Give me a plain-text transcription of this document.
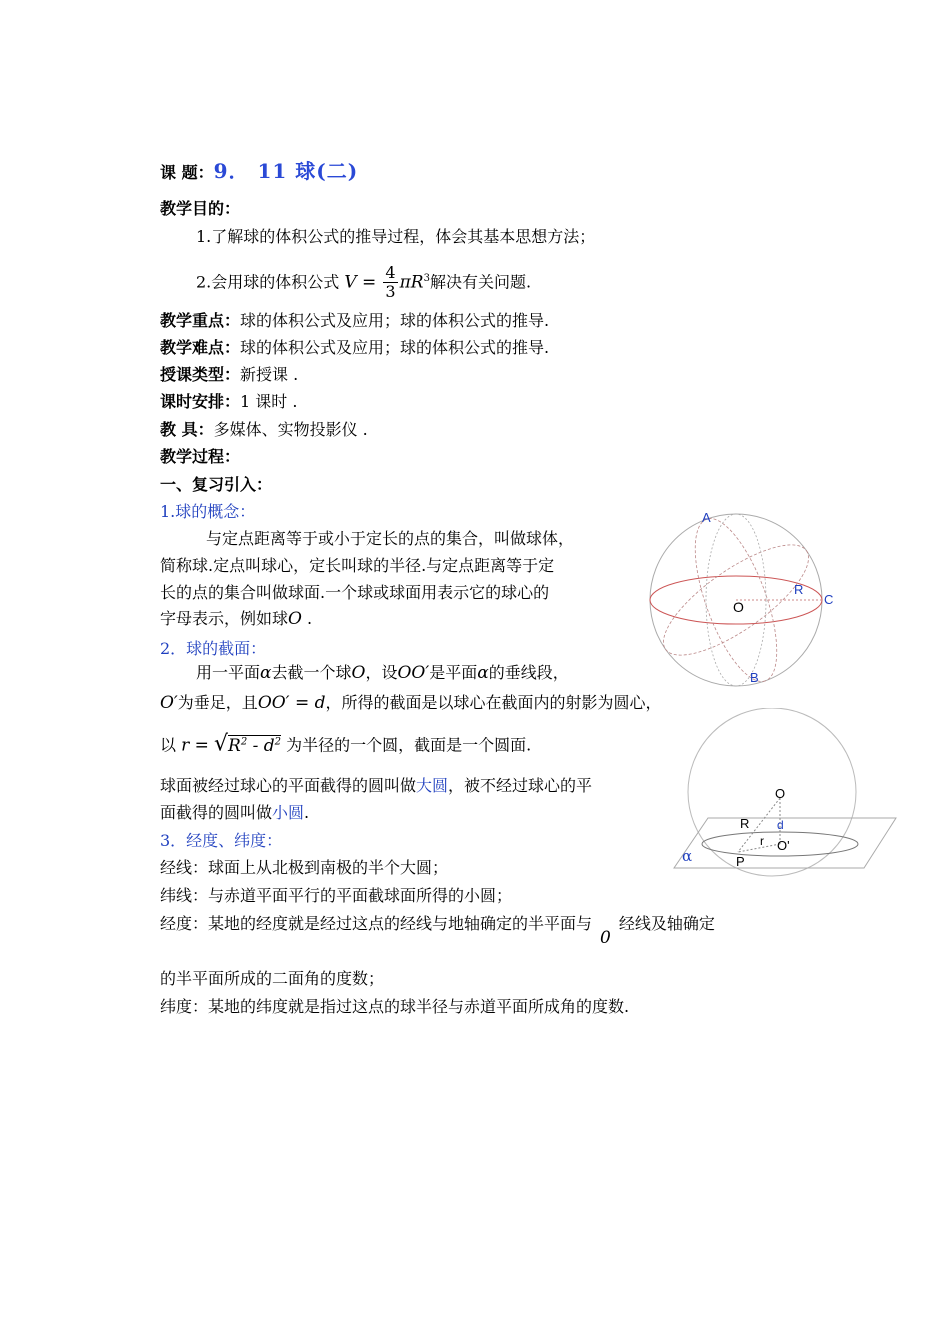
课 题：9． 11 球(二)
教学目的：
1.了解球的体积公式的推导过程，体会其基本思想方法；
2.会用球的体积公式 $V = \frac{4}{3} \pi R^3$解决有关问题.
教学重点：球的体积公式及应用；球的体积公式的推导.
教学难点：球的体积公式及应用；球的体积公式的推导.
授课类型：新授课 .
课时安排：1 课时 .
教 具：多媒体、实物投影仪 .
教学过程：
一、复习引入：
1.球的概念：
与定点距离等于或小于定长的点的集合，叫做球体，
简称球.定点叫球心，定长叫球的半径.与定点距离等于定
长的点的集合叫做球面.一个球或球面用表示它的球心的
字母表示，例如球O .
2．球的截面：
用一平面α去截一个球O，设OO′是平面α的垂线段，
O′为垂足，且OO′ = d，所得的截面是以球心在截面内的射影为圆心，
以 $r = √R^2 - d^2$ 为半径的一个圆，截面是一个圆面.
球面被经过球心的平面截得的圆叫做大圆，被不经过球心的平
面截得的圆叫做小圆.
3．经度、纬度：
经线：球面上从北极到南极的半个大圆；
纬线：与赤道平面平行的平面截球面所得的小圆；
经度：某地的经度就是经过这点的经线与地轴确定的半平面与0经线及轴确定
的半平面所成的二面角的度数；
纬度：某地的纬度就是指过这点的球半径与赤道平面所成角的度数.
A
B
C
R
O
O
R d
r O'
P
α
